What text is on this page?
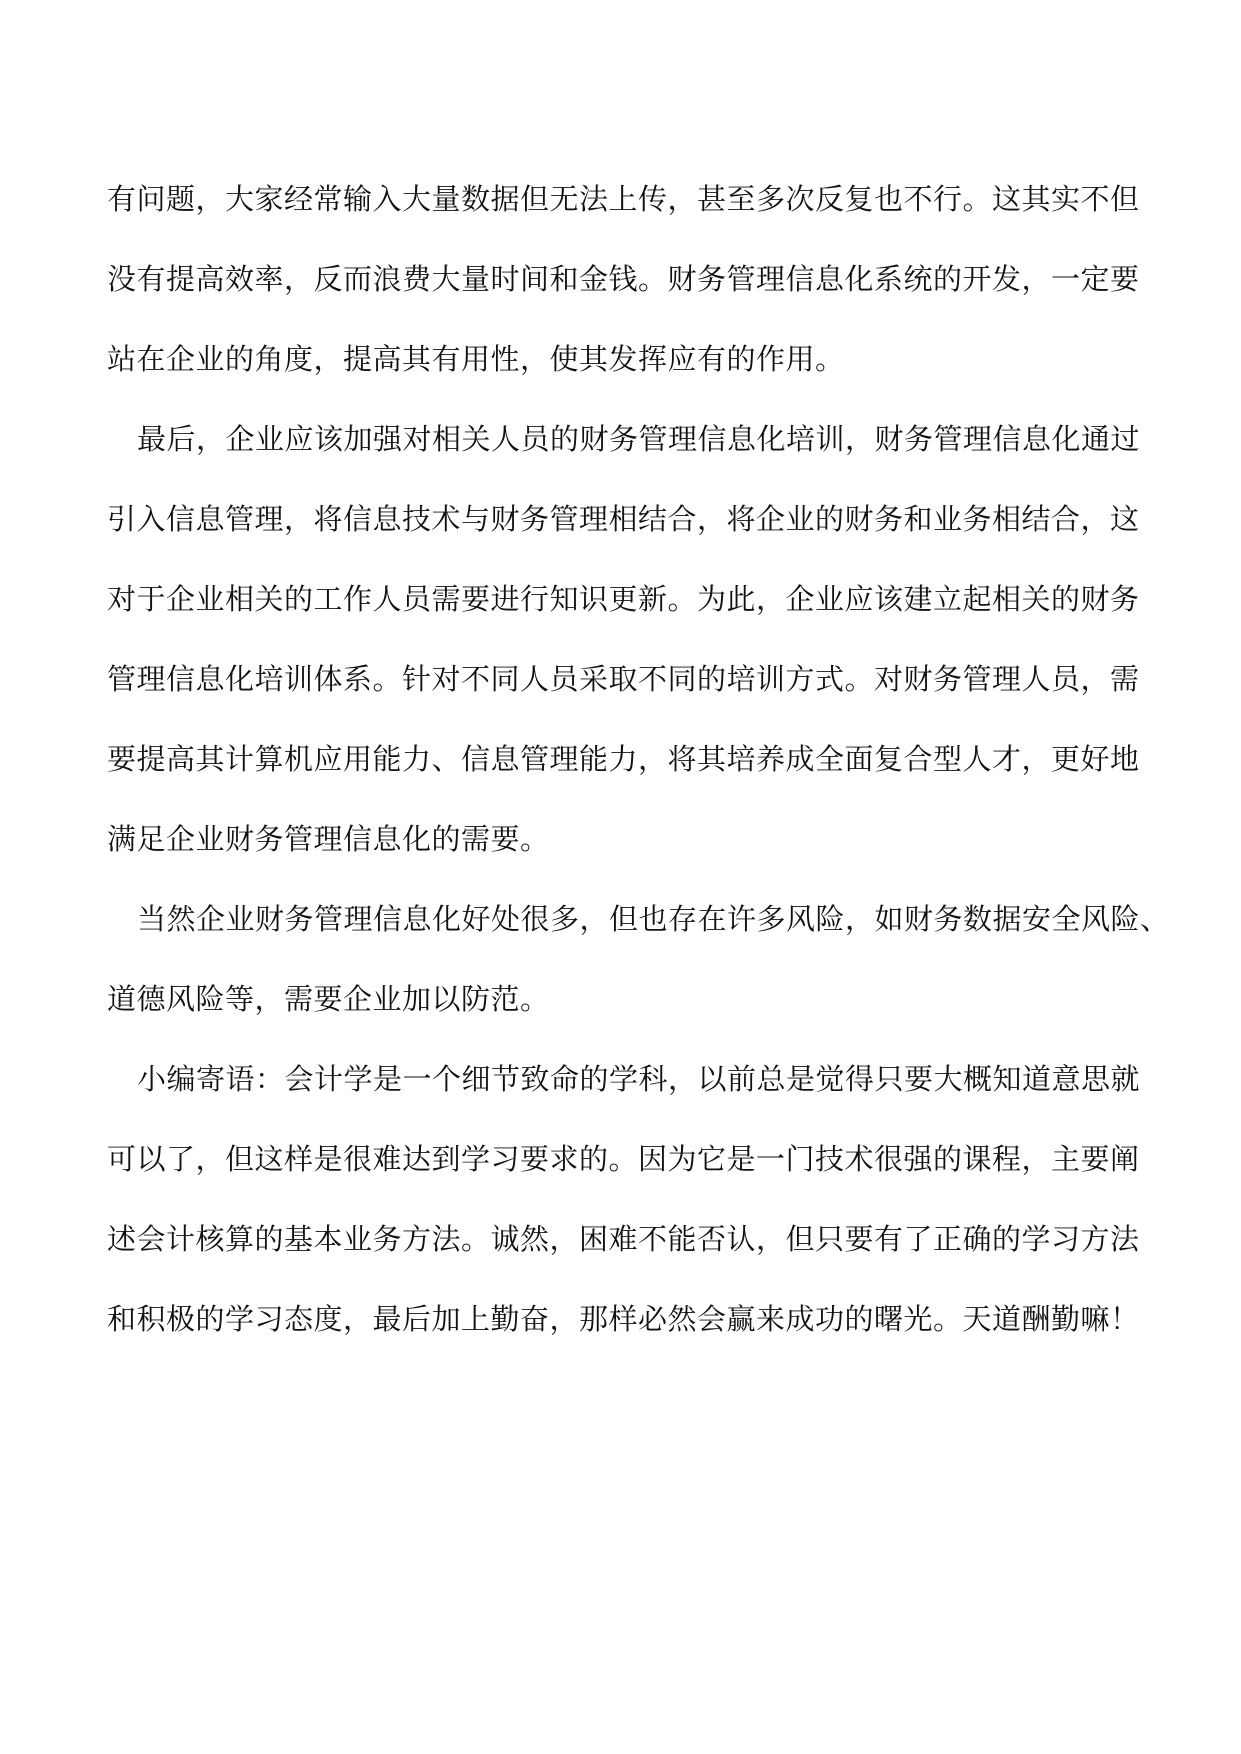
有问题，大家经常输入大量数据但无法上传，甚至多次反复也不行。这其实不但
没有提高效率，反而浪费大量时间和金钱。财务管理信息化系统的开发，一定要
站在企业的角度，提高其有用性，使其发挥应有的作用。
最后，企业应该加强对相关人员的财务管理信息化培训，财务管理信息化通过
引入信息管理，将信息技术与财务管理相结合，将企业的财务和业务相结合，这
对于企业相关的工作人员需要进行知识更新。为此，企业应该建立起相关的财务
管理信息化培训体系。针对不同人员采取不同的培训方式。对财务管理人员，需
要提高其计算机应用能力、信息管理能力，将其培养成全面复合型人才，更好地
满足企业财务管理信息化的需要。
当然企业财务管理信息化好处很多，但也存在许多风险，如财务数据安全风险、
道德风险等，需要企业加以防范。
小编寄语：会计学是一个细节致命的学科，以前总是觉得只要大概知道意思就
可以了，但这样是很难达到学习要求的。因为它是一门技术很强的课程，主要阐
述会计核算的基本业务方法。诚然，困难不能否认，但只要有了正确的学习方法
和积极的学习态度，最后加上勤奋，那样必然会赢来成功的曙光。天道酬勤嘛！
